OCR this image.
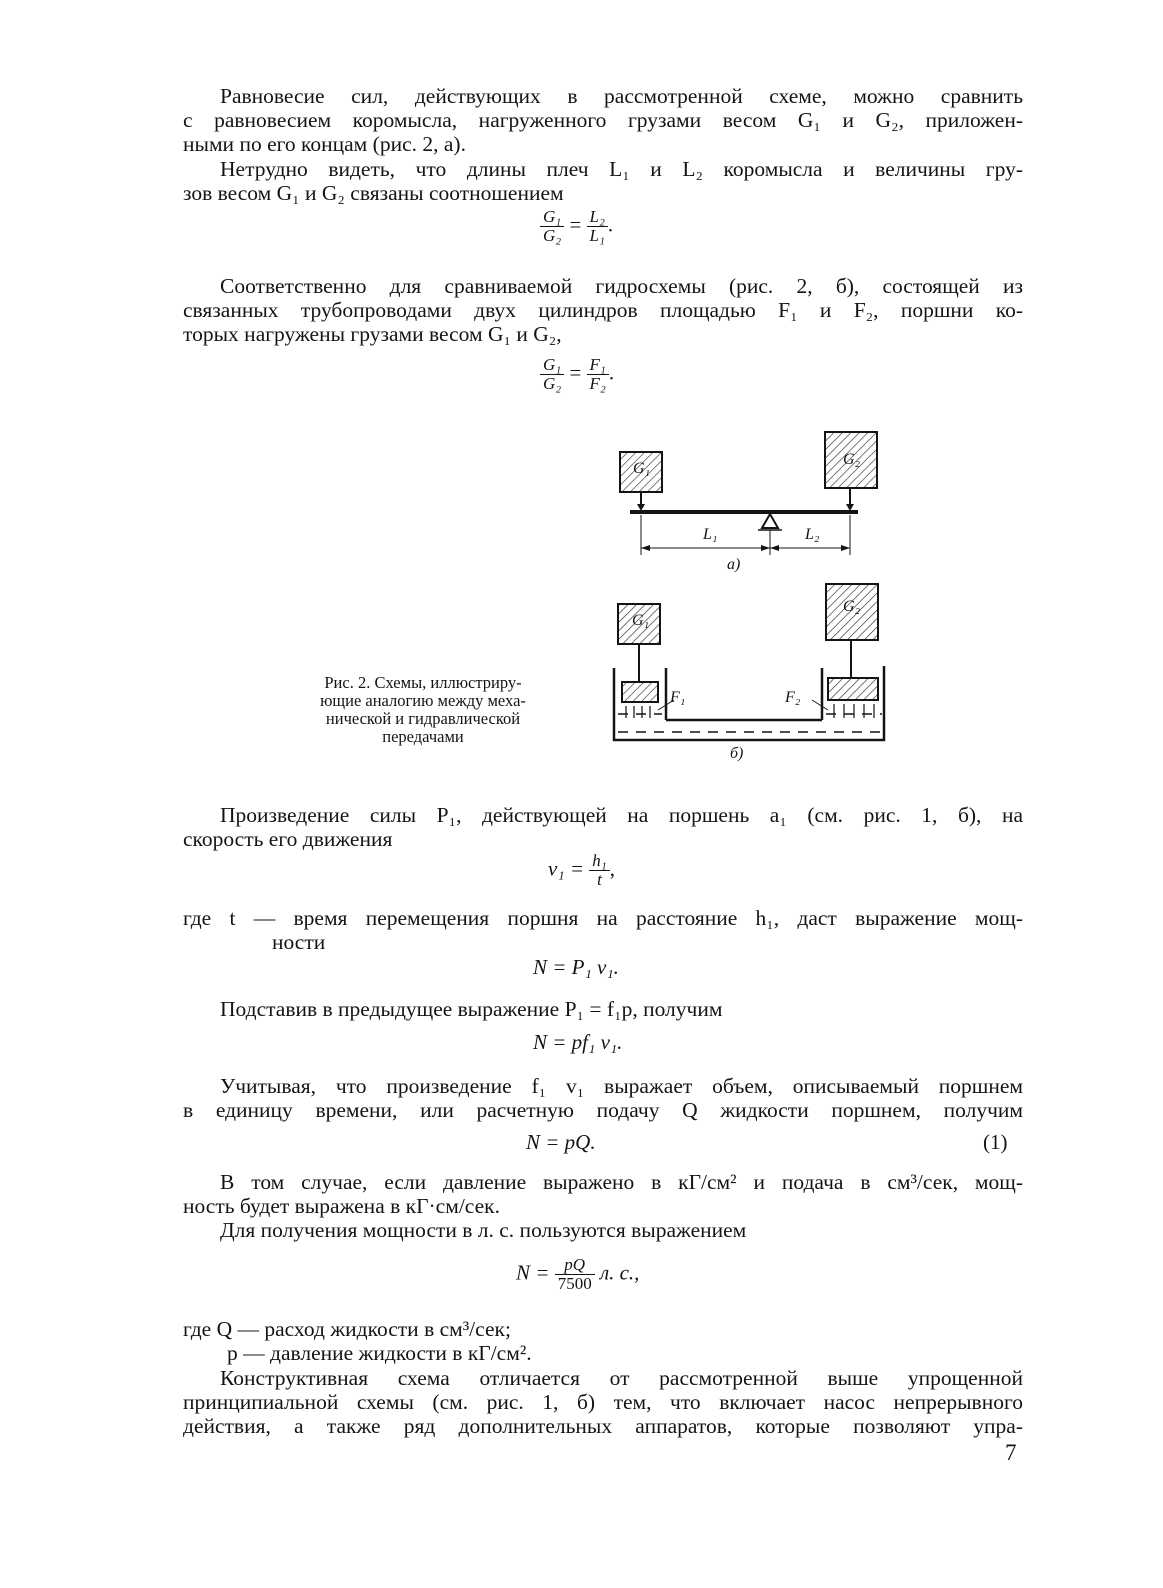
Равновесие сил, действующих в рассмотренной схеме, можно сравнить
с равновесием коромысла, нагруженного грузами весом G₁ и G₂, приложен-
ными по его концам (рис. 2, а).
Нетрудно видеть, что длины плеч L₁ и L₂ коромысла и величины гру-
зов весом G₁ и G₂ связаны соотношением
$\frac{\text{G₁}}{\text{G₂}} = \frac{\text{L₂}}{\text{L₁}}$ .
Соответственно для сравниваемой гидросхемы (рис. 2, б), состоящей из
связанных трубопроводами двух цилиндров площадью F₁ и F₂, поршни ко-
торых нагружены грузами весом G₁ и G₂,
$\frac{\text{G₁}}{\text{G₂}} = \frac{\text{F₁}}{\text{F₂}}$ .
G₁
G₂
L₁	L₂
а)
G₁
G₂
F₁	F₂
б)
Рис. 2. Схемы, иллюстриру-
ющие аналогию между меха-
нической и гидравлической
передачами
Произведение силы P₁, действующей на поршень a₁ (см. рис. 1, б), на
скорость его движения
$v_1 = \frac{\text{h₁}}{t}$ ,
где t — время перемещения поршня на расстояние h₁, даст выражение мощ-
ности
N = P₁ v₁.
Подставив в предыдущее выражение P₁ = f₁p, получим
N = pf₁ v₁.
Учитывая, что произведение f₁ v₁ выражает объем, описываемый поршнем
в единицу времени, или расчетную подачу Q жидкости поршнем, получим
N = pQ.	(1)
В том случае, если давление выражено в кГ/см² и подача в см³/сек, мощ-
ность будет выражена в кГ·см/сек.
Для получения мощности в л. с. пользуются выражением
$N = \frac{pQ}{7500} л$. с.,
где Q — расход жидкости в см³/сек;
p — давление жидкости в кГ/см².
Конструктивная схема отличается от рассмотренной выше упрощенной
принципиальной схемы (см. рис. 1, б) тем, что включает насос непрерывного
действия, а также ряд дополнительных аппаратов, которые позволяют упра-
7
